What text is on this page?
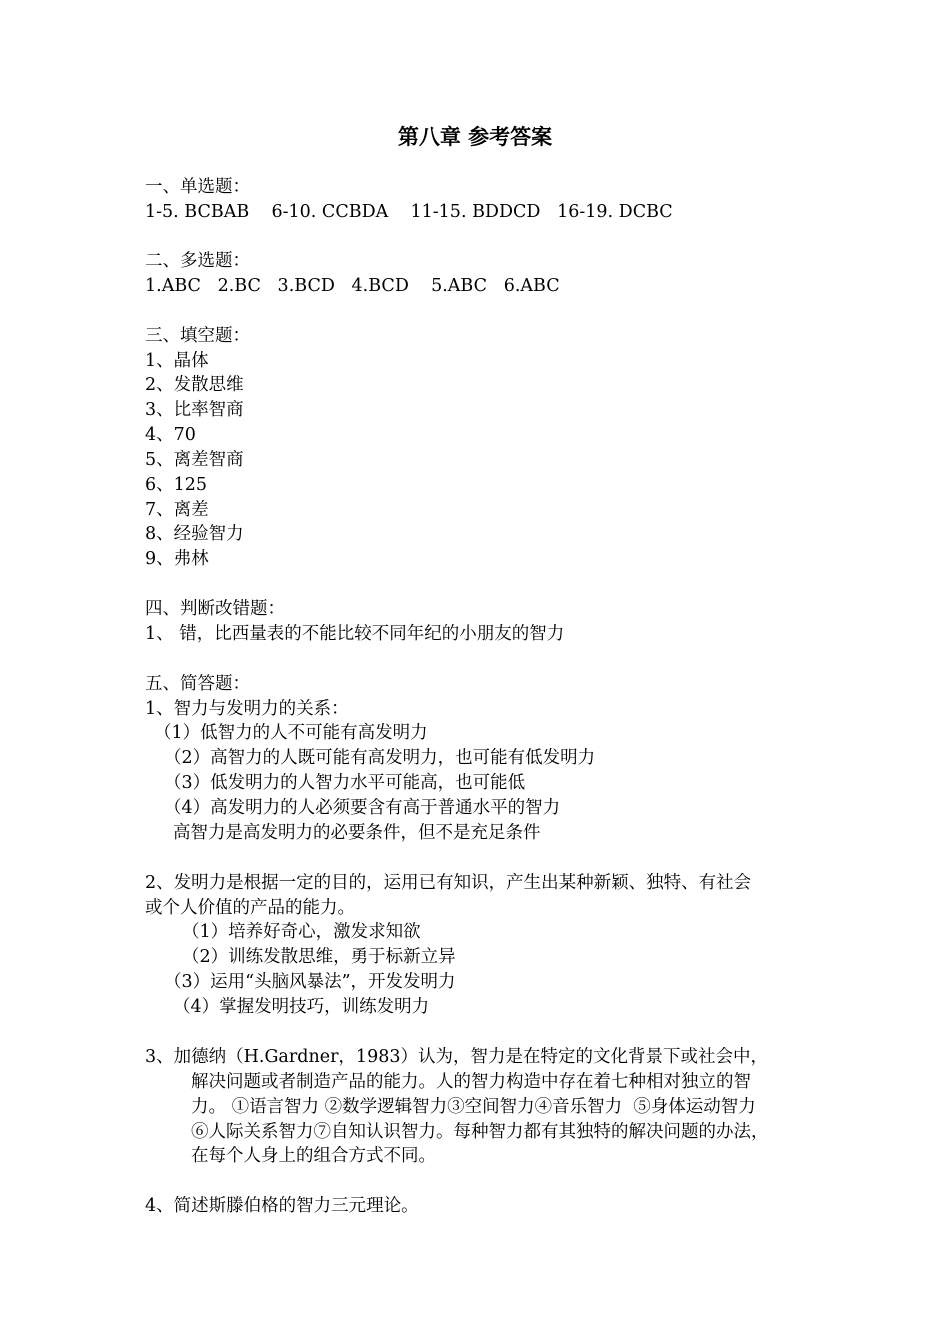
第八章 参考答案
一、单选题：
1-5. BCBAB    6-10. CCBDA    11-15. BDDCD   16-19. DCBC
二、多选题：
1.ABC   2.BC   3.BCD   4.BCD    5.ABC   6.ABC
三、填空题：
1、晶体
2、发散思维
3、比率智商
4、70
5、离差智商
6、125
7、离差
8、经验智力
9、弗林
四、判断改错题：
1、 错，比西量表的不能比较不同年纪的小朋友的智力
五、简答题：
1、智力与发明力的关系：
（1）低智力的人不可能有高发明力
（2）高智力的人既可能有高发明力，也可能有低发明力
（3）低发明力的人智力水平可能高，也可能低
（4）高发明力的人必须要含有高于普通水平的智力
高智力是高发明力的必要条件，但不是充足条件
2、发明力是根据一定的目的，运用已有知识，产生出某种新颖、独特、有社会
或个人价值的产品的能力。
（1）培养好奇心，激发求知欲
（2）训练发散思维，勇于标新立异
（3）运用“头脑风暴法”，开发发明力
（4）掌握发明技巧，训练发明力
3、加德纳（H.Gardner，1983）认为，智力是在特定的文化背景下或社会中，
解决问题或者制造产品的能力。人的智力构造中存在着七种相对独立的智
力。 ①语言智力 ②数学逻辑智力③空间智力④音乐智力  ⑤身体运动智力
⑥人际关系智力⑦自知认识智力。每种智力都有其独特的解决问题的办法，
在每个人身上的组合方式不同。
4、简述斯滕伯格的智力三元理论。
